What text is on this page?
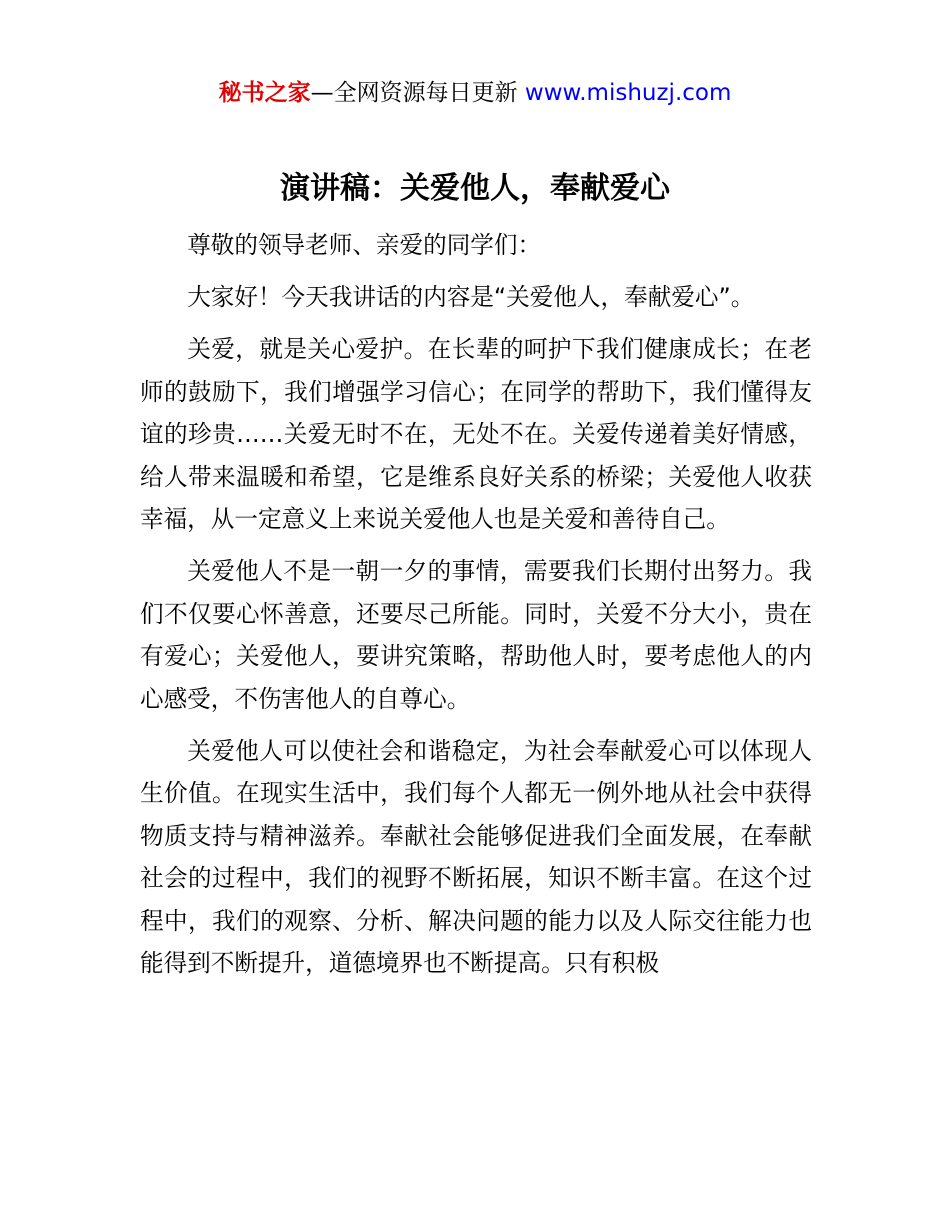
秘书之家—全网资源每日更新 www.mishuzj.com
演讲稿：关爱他人，奉献爱心

尊敬的领导老师、亲爱的同学们：

大家好！今天我讲话的内容是“关爱他人，奉献爱心”。

关爱，就是关心爱护。在长辈的呵护下我们健康成长；在老师的鼓励下，我们增强学习信心；在同学的帮助下，我们懂得友谊的珍贵……关爱无时不在，无处不在。关爱传递着美好情感，给人带来温暖和希望，它是维系良好关系的桥梁；关爱他人收获幸福，从一定意义上来说关爱他人也是关爱和善待自己。

关爱他人不是一朝一夕的事情，需要我们长期付出努力。我们不仅要心怀善意，还要尽己所能。同时，关爱不分大小，贵在有爱心；关爱他人，要讲究策略，帮助他人时，要考虑他人的内心感受，不伤害他人的自尊心。

关爱他人可以使社会和谐稳定，为社会奉献爱心可以体现人生价值。在现实生活中，我们每个人都无一例外地从社会中获得物质支持与精神滋养。奉献社会能够促进我们全面发展，在奉献社会的过程中，我们的视野不断拓展，知识不断丰富。在这个过程中，我们的观察、分析、解决问题的能力以及人际交往能力也能得到不断提升，道德境界也不断提高。只有积极
